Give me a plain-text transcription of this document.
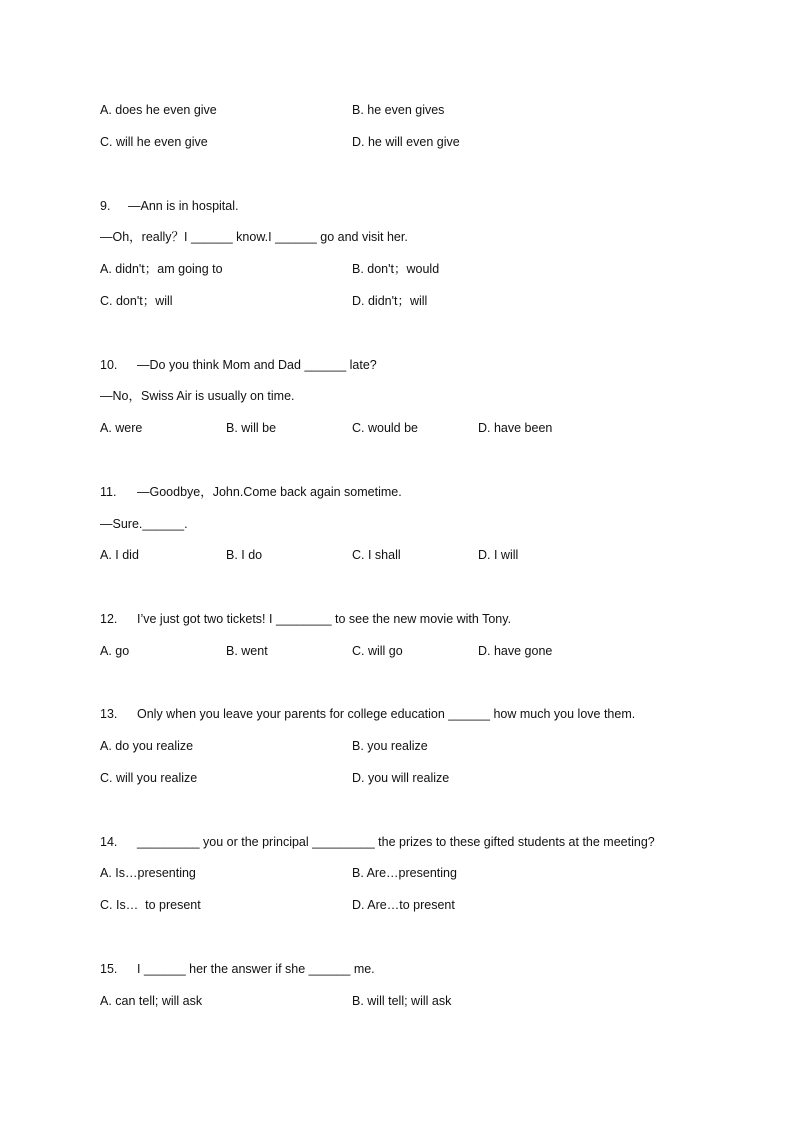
A. does he even give	B. he even gives
C. will he even give	D. he will even give
9. —Ann is in hospital.
—Oh，really？I ______ know.I ______ go and visit her.
A. didn't；am going to	B. don't；would
C. don't；will	D. didn't；will
10. —Do you think Mom and Dad ______ late?
—No，Swiss Air is usually on time.
A. were	B. will be	C. would be	D. have been
11. —Goodbye，John.Come back again sometime.
—Sure.______.
A. I did	B. I do	C. I shall	D. I will
12. I’ve just got two tickets! I ________ to see the new movie with Tony.
A. go	B. went	C. will go	D. have gone
13. Only when you leave your parents for college education ______ how much you love them.
A. do you realize	B. you realize
C. will you realize	D. you will realize
14. _________ you or the principal _________ the prizes to these gifted students at the meeting?
A. Is…presenting	B. Are…presenting
C. Is…  to present	D. Are…to present
15. I ______ her the answer if she ______ me.
A. can tell; will ask	B. will tell; will ask
